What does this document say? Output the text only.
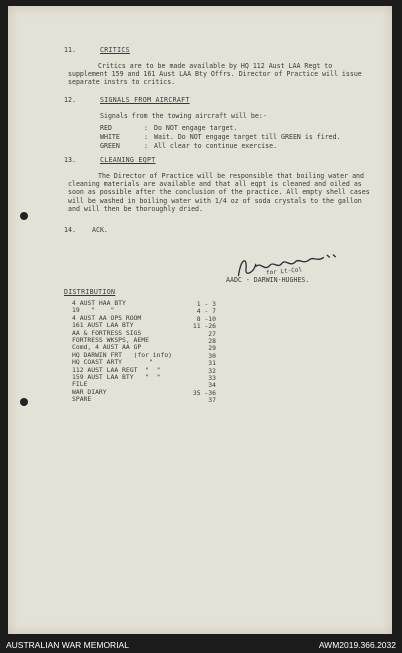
11.	CRITICS
Critics are to be made available by HQ 112 Aust LAA Regt to supplement 159 and 161 Aust LAA Bty Offrs. Director of Practice will issue separate instrs to critics.
12.	SIGNALS FROM AIRCRAFT
Signals from the towing aircraft will be:-
RED	: Do NOT engage target.
WHITE	: Wait. Do NOT engage target till GREEN is fired.
GREEN	: All clear to continue exercise.
13.	CLEANING EQPT
The Director of Practice will be responsible that boiling water and cleaning materials are available and that all eqpt is cleaned and oiled as soon as possible after the conclusion of the practice. All empty shell cases will be washed in boiling water with 1/4 oz of soda crystals to the gallon and will then be thoroughly dried.
14. ACK.
for Lt-Col
AADC - DARWIN-HUGHES.
DISTRIBUTION
4 AUST HAA BTY	1 - 3
19   "    "	4 - 7
4 AUST AA OPS ROOM	8 -10
161 AUST LAA BTY	11 -26
AA & FORTRESS SIGS	27
FORTRESS WKSPS, AEME	28
Comd, 4 AUST AA GP	29
HQ DARWIN FRT   (for info)	30
HQ COAST ARTY       "	31
112 AUST LAA REGT  "  "	32
159 AUST LAA BTY   "  "	33
FILE	34
WAR DIARY	35 -36
SPARE	37
AUSTRALIAN WAR MEMORIAL	AWM2019.366.2032
